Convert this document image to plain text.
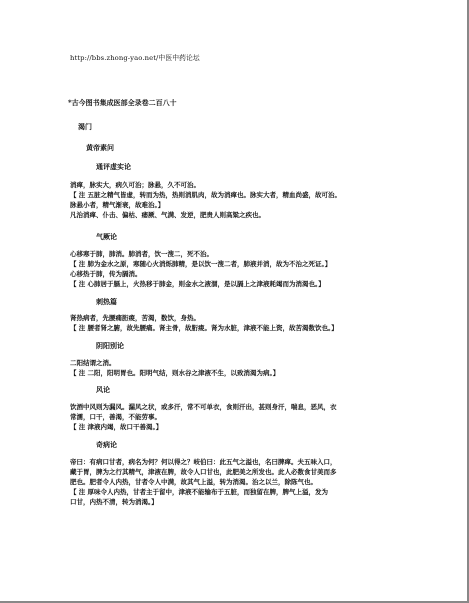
http://bbs.zhong-yao.net/中医中药论坛
*古今图书集成医部全录卷二百八十
渴门
黄帝素问
通评虚实论
消瘅，脉实大，病久可治；脉悬，久不可治。
【 注 五脏之精气皆虚，转而为热，热则消肌肉，故为消瘅也。脉实大者，精血尚盛，故可治。
脉悬小者，精气渐衰，故难治。】
凡治消瘅、仆击、偏枯、痿厥、气满、发逆，肥贵人则高粱之疾也。
气厥论
心移寒于肺，肺消。肺消者，饮一溲二，死不治。
【 注 肺为金水之原，寒随心火消烁肺精，是以饮一溲二者，肺液并消，故为不治之死证。】
心移热于肺，传为膈消。
【 注 心肺居于膈上，火热移于肺金，则金水之液涸，是以膈上之津液耗竭而为消渴也。】
刺热篇
肾热病者，先腰痛胻痠，苦渴，数饮，身热。
【 注 腰者肾之腑，故先腰痛。肾主骨，故胻痠。肾为水脏，津液不能上资，故苦渴数饮也。】
阴阳别论
二阳结谓之消。
【 注 二阳，阳明胃也。阳明气结，则水谷之津液不生，以致消渴为病。】
风论
饮酒中风则为漏风。漏风之状，或多汗，常不可单衣，食则汗出，甚则身汗，喘息，恶风，衣
常濡，口干，善渴，不能劳事。
【 注 津液内竭，故口干善渴。】
奇病论
帝曰：有病口甘者，病名为何？何以得之？岐伯曰：此五气之溢也，名曰脾瘅。夫五味入口，
藏于胃，脾为之行其精气，津液在脾，故令人口甘也，此肥美之所发也。此人必数食甘美而多
肥也。肥者令人内热，甘者令人中满，故其气上溢，转为消渴。治之以兰，除陈气也。
【 注 厚味令人内热，甘者主于留中，津液不能输布于五脏，而独留在脾，脾气上溢，发为
口甘，内热不清，转为消渴。】
